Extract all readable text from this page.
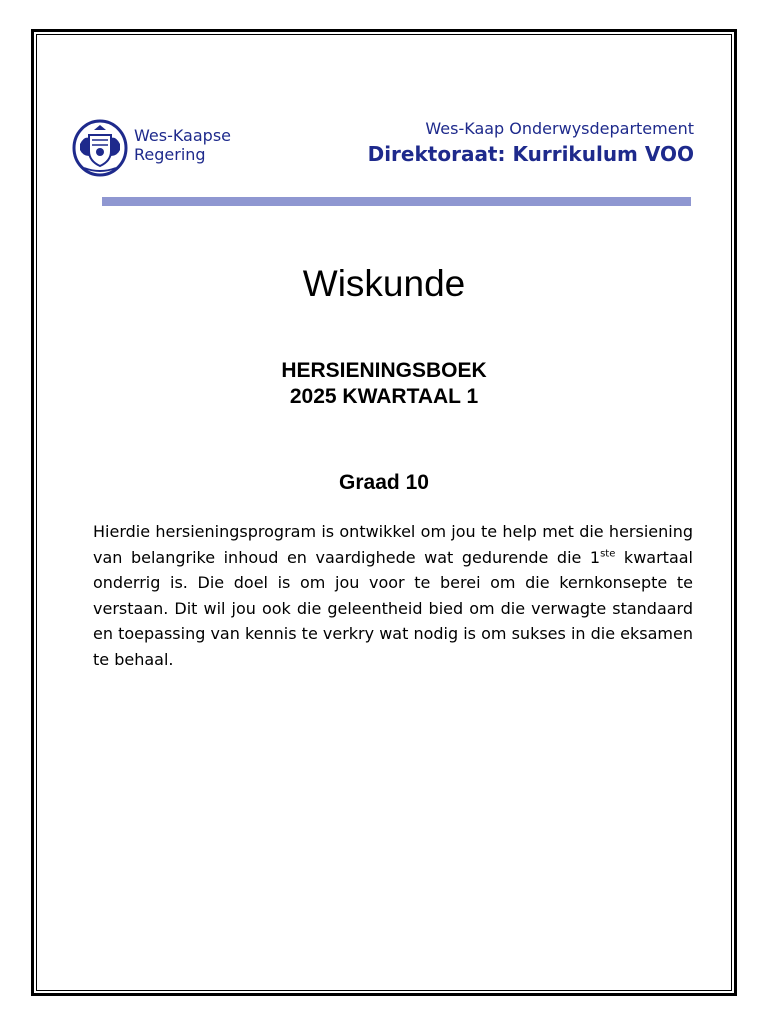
Wes-Kaapse
Regering
Wes-Kaap Onderwysdepartement
Direktoraat: Kurrikulum VOO
Wiskunde
HERSIENINGSBOEK
2025 KWARTAAL 1
Graad 10
Hierdie hersieningsprogram is ontwikkel om jou te help met die hersiening van belangrike inhoud en vaardighede wat gedurende die 1ste kwartaal onderrig is. Die doel is om jou voor te berei om die kernkonsepte te verstaan. Dit wil jou ook die geleentheid bied om die verwagte standaard en toepassing van kennis te verkry wat nodig is om sukses in die eksamen te behaal.
